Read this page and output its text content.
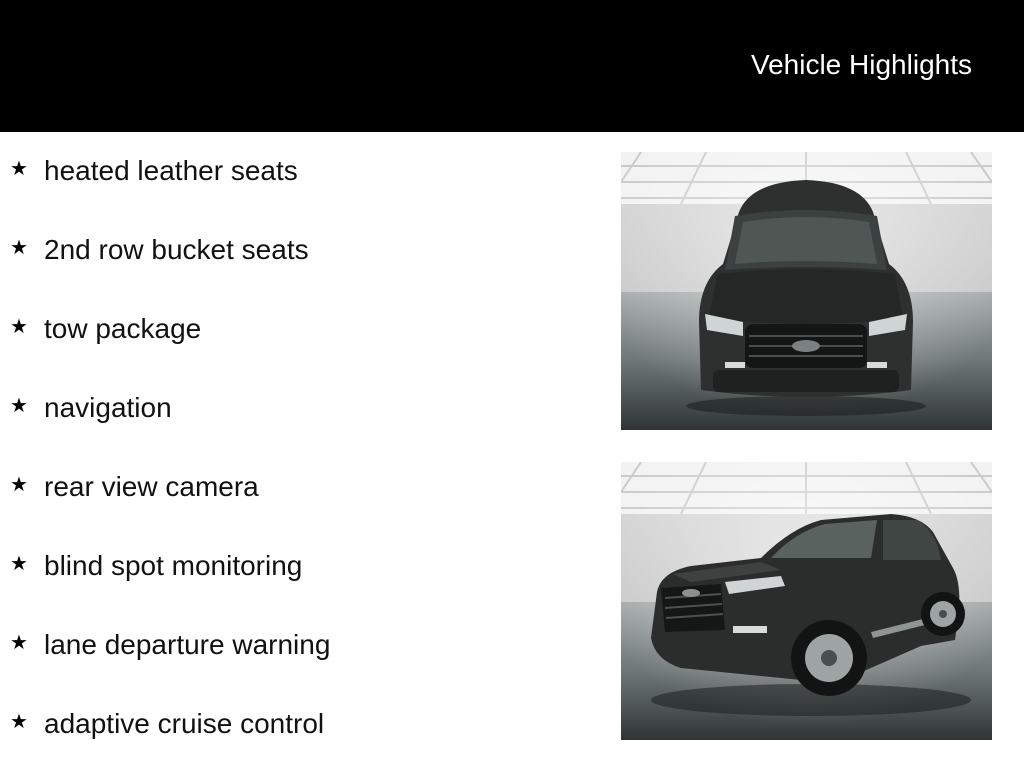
Vehicle Highlights
★ heated leather seats
★ 2nd row bucket seats
★ tow package
★ navigation
★ rear view camera
★ blind spot monitoring
★ lane departure warning
★ adaptive cruise control
